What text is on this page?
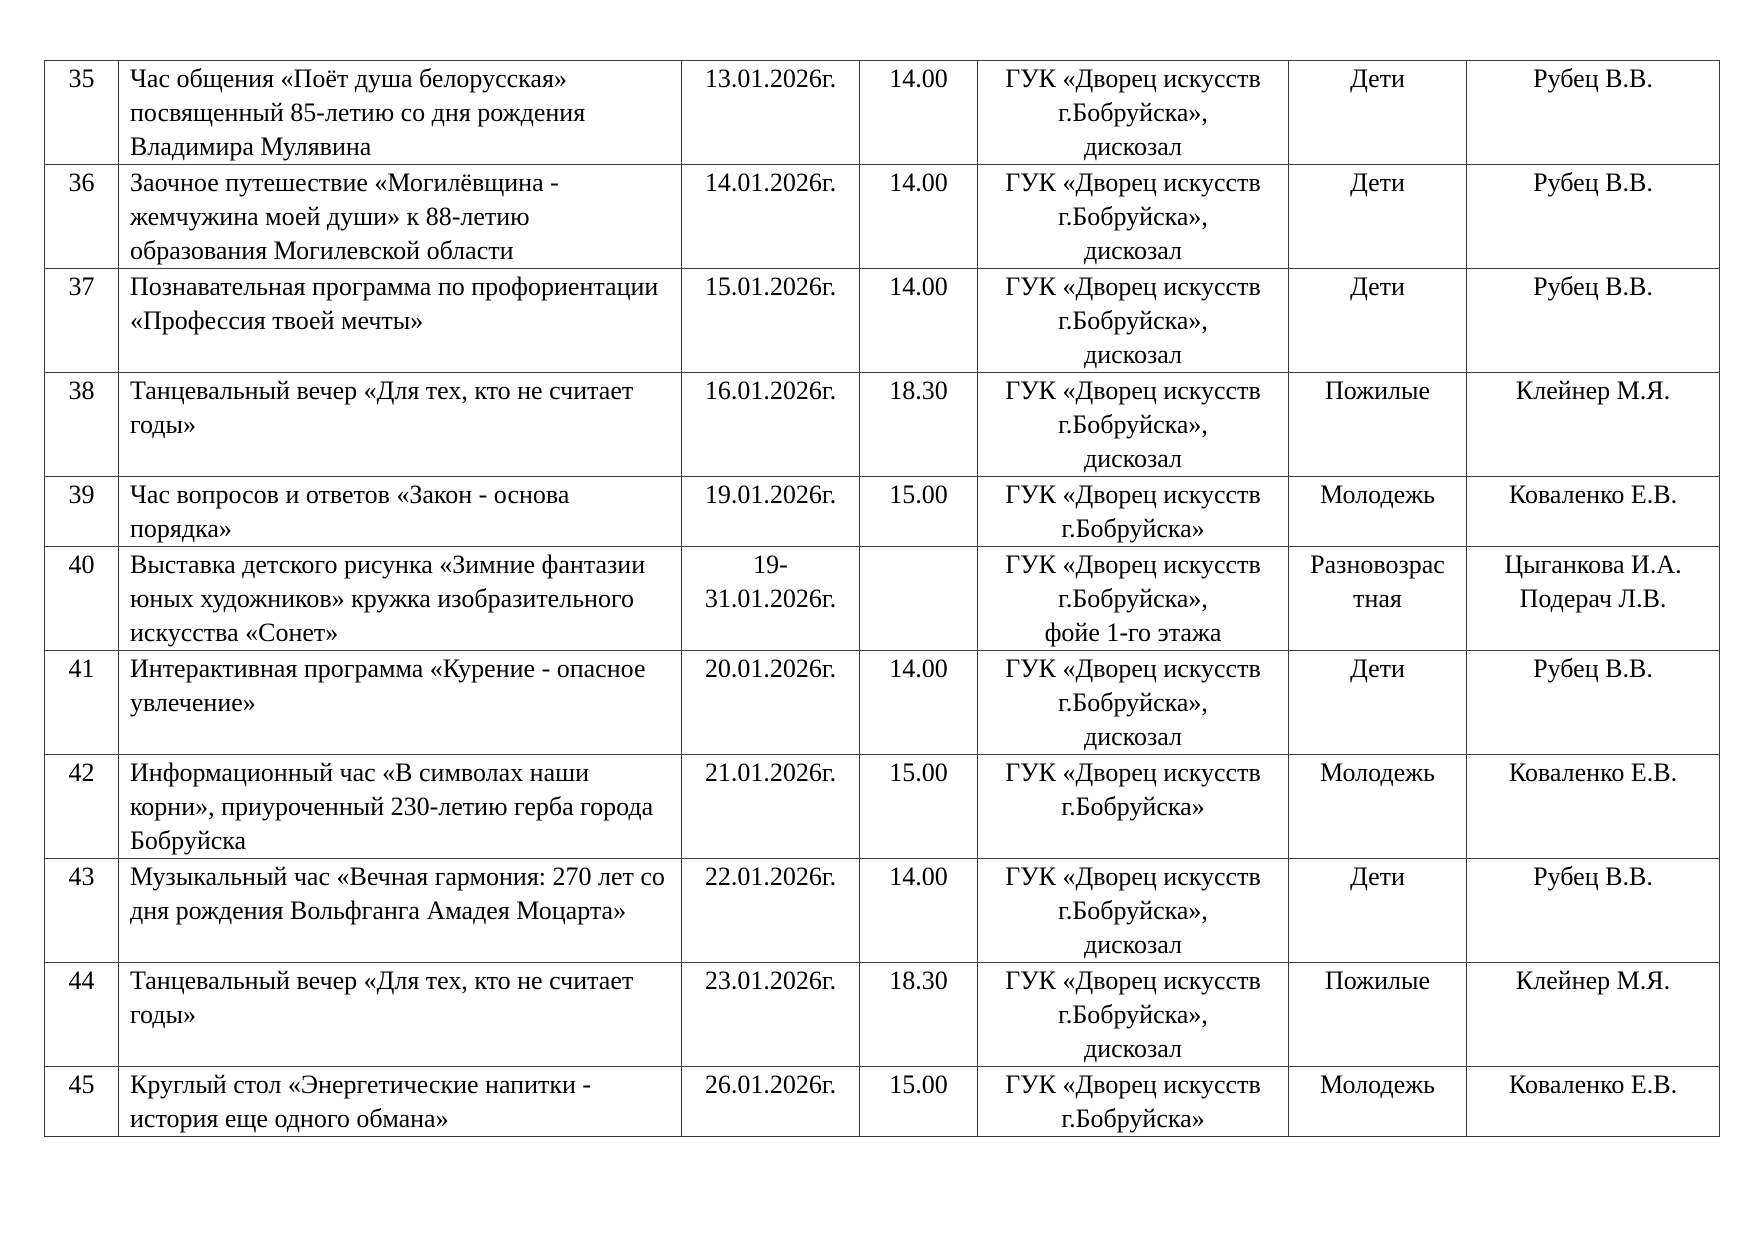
35	Час общения «Поёт душа белорусская» посвященный 85-летию со дня рождения Владимира Мулявина	13.01.2026г.	14.00	ГУК «Дворец искусств
г.Бобруйска»,
дискозал	Дети	Рубец В.В.

36	Заочное путешествие «Могилёвщина - жемчужина моей души» к 88-летию образования Могилевской области	14.01.2026г.	14.00	ГУК «Дворец искусств
г.Бобруйска»,
дискозал	Дети	Рубец В.В.

37	Познавательная программа по профориентации «Профессия твоей мечты»	15.01.2026г.	14.00	ГУК «Дворец искусств
г.Бобруйска»,
дискозал	Дети	Рубец В.В.

38	Танцевальный вечер «Для тех, кто не считает годы»	16.01.2026г.	18.30	ГУК «Дворец искусств
г.Бобруйска»,
дискозал	Пожилые	Клейнер М.Я.

39	Час вопросов и ответов «Закон - основа порядка»	19.01.2026г.	15.00	ГУК «Дворец искусств
г.Бобруйска»	Молодежь	Коваленко Е.В.

40	Выставка детского рисунка «Зимние фантазии юных художников» кружка изобразительного искусства «Сонет»	19-
31.01.2026г.		ГУК «Дворец искусств
г.Бобруйска»,
фойе 1-го этажа	Разновозрас
тная	Цыганкова И.А.
Подерач Л.В.

41	Интерактивная программа «Курение - опасное увлечение»	20.01.2026г.	14.00	ГУК «Дворец искусств
г.Бобруйска»,
дискозал	Дети	Рубец В.В.

42	Информационный час «В символах наши корни», приуроченный 230-летию герба города Бобруйска	21.01.2026г.	15.00	ГУК «Дворец искусств
г.Бобруйска»	Молодежь	Коваленко Е.В.

43	Музыкальный час «Вечная гармония: 270 лет со дня рождения Вольфганга Амадея Моцарта»	22.01.2026г.	14.00	ГУК «Дворец искусств
г.Бобруйска»,
дискозал	Дети	Рубец В.В.

44	Танцевальный вечер «Для тех, кто не считает годы»	23.01.2026г.	18.30	ГУК «Дворец искусств
г.Бобруйска»,
дискозал	Пожилые	Клейнер М.Я.

45	Круглый стол «Энергетические напитки - история еще одного обмана»	26.01.2026г.	15.00	ГУК «Дворец искусств
г.Бобруйска»	Молодежь	Коваленко Е.В.
